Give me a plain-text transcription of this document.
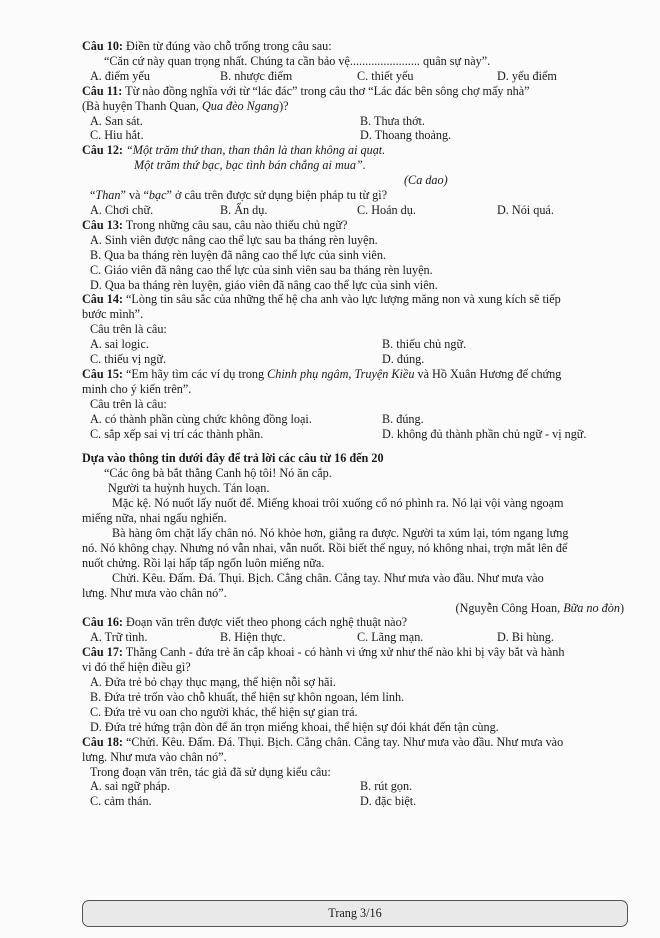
Câu 10: Điền từ đúng vào chỗ trống trong câu sau:
“Căn cứ này quan trọng nhất. Chúng ta cần bảo vệ....................... quân sự này”.
A. điểm yếu	B. nhược điểm	C. thiết yếu	D. yếu điểm
Câu 11: Từ nào đồng nghĩa với từ “lác đác” trong câu thơ “Lác đác bên sông chợ mấy nhà”
(Bà huyện Thanh Quan, Qua đèo Ngang)?
A. San sát.	B. Thưa thớt.
C. Hiu hắt.	D. Thoang thoảng.
Câu 12: “Một trăm thứ than, than thân là than không ai quạt.
Một trăm thứ bạc, bạc tình bán chẳng ai mua”.
(Ca dao)
“Than” và “bạc” ở câu trên được sử dụng biện pháp tu từ gì?
A. Chơi chữ.	B. Ẩn dụ.	C. Hoán dụ.	D. Nói quá.
Câu 13: Trong những câu sau, câu nào thiếu chủ ngữ?
A. Sinh viên được nâng cao thể lực sau ba tháng rèn luyện.
B. Qua ba tháng rèn luyện đã nâng cao thể lực của sinh viên.
C. Giáo viên đã nâng cao thể lực của sinh viên sau ba tháng rèn luyện.
D. Qua ba tháng rèn luyện, giáo viên đã nâng cao thể lực của sinh viên.
Câu 14: “Lòng tin sâu sắc của những thế hệ cha anh vào lực lượng măng non và xung kích sẽ tiếp
bước mình”.
Câu trên là câu:
A. sai logic.	B. thiếu chủ ngữ.
C. thiếu vị ngữ.	D. đúng.
Câu 15: “Em hãy tìm các ví dụ trong Chinh phụ ngâm, Truyện Kiều và Hồ Xuân Hương để chứng
minh cho ý kiến trên”.
Câu trên là câu:
A. có thành phần cùng chức không đồng loại.	B. đúng.
C. sắp xếp sai vị trí các thành phần.	D. không đủ thành phần chủ ngữ - vị ngữ.
Dựa vào thông tin dưới đây để trả lời các câu từ 16 đến 20
“Các ông bà bắt thằng Canh hộ tôi! Nó ăn cắp.
Người ta huỳnh huỵch. Tán loạn.
Mặc kệ. Nó nuốt lấy nuốt để. Miếng khoai trôi xuống cổ nó phình ra. Nó lại vội vàng ngoạm
miếng nữa, nhai ngấu nghiến.
Bà hàng ôm chặt lấy chân nó. Nó khỏe hơn, giằng ra được. Người ta xúm lại, tóm ngang lưng
nó. Nó không chạy. Nhưng nó vẫn nhai, vẫn nuốt. Rồi biết thế nguy, nó không nhai, trợn mắt lên để
nuốt chửng. Rồi lại hấp tấp ngốn luôn miếng nữa.
Chửi. Kêu. Đấm. Đá. Thụi. Bịch. Cẳng chân. Cẳng tay. Như mưa vào đầu. Như mưa vào
lưng. Như mưa vào chân nó”.
(Nguyễn Công Hoan, Bữa no đòn)
Câu 16: Đoạn văn trên được viết theo phong cách nghệ thuật nào?
A. Trữ tình.	B. Hiện thực.	C. Lãng mạn.	D. Bi hùng.
Câu 17: Thằng Canh - đứa trẻ ăn cắp khoai - có hành vi ứng xử như thế nào khi bị vây bắt và hành
vi đó thể hiện điều gì?
A. Đứa trẻ bỏ chạy thục mạng, thể hiện nỗi sợ hãi.
B. Đứa trẻ trốn vào chỗ khuất, thể hiện sự khôn ngoan, lém lỉnh.
C. Đứa trẻ vu oan cho người khác, thể hiện sự gian trá.
D. Đứa trẻ hứng trận đòn để ăn trọn miếng khoai, thể hiện sự đói khát đến tận cùng.
Câu 18: “Chửi. Kêu. Đấm. Đá. Thụi. Bịch. Cẳng chân. Cẳng tay. Như mưa vào đầu. Như mưa vào
lưng. Như mưa vào chân nó”.
Trong đoạn văn trên, tác giả đã sử dụng kiểu câu:
A. sai ngữ pháp.	B. rút gọn.
C. cảm thán.	D. đặc biệt.
Trang 3/16
